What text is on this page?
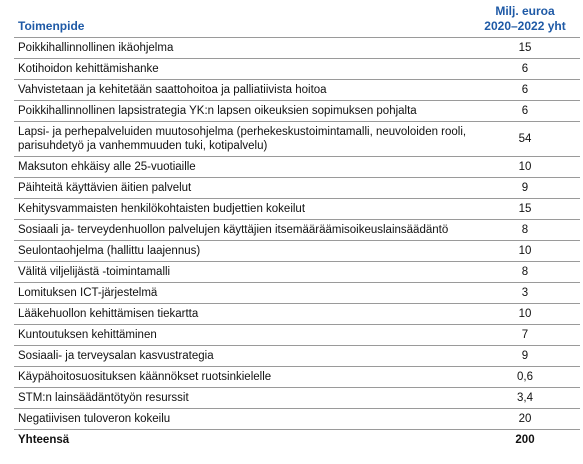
Toimenpide	Milj. euroa
2020–2022 yht

Poikkihallinnollinen ikäohjelma	15
Kotihoidon kehittämishanke	6
Vahvistetaan ja kehitetään saattohoitoa ja palliatiivista hoitoa	6
Poikkihallinnollinen lapsistrategia YK:n lapsen oikeuksien sopimuksen pohjalta	6
Lapsi- ja perhepalveluiden muutosohjelma (perhekeskustoimintamalli, neuvoloiden rooli, parisuhdetyö ja vanhemmuuden tuki, kotipalvelu)	54
Maksuton ehkäisy alle 25-vuotiaille	10
Päihteitä käyttävien äitien palvelut	9
Kehitysvammaisten henkilökohtaisten budjettien kokeilut	15
Sosiaali ja- terveydenhuollon palvelujen käyttäjien itsemääräämisoikeuslainsäädäntö	8
Seulontaohjelma (hallittu laajennus)	10
Välitä viljelijästä -toimintamalli	8
Lomituksen ICT-järjestelmä	3
Lääkehuollon kehittämisen tiekartta	10
Kuntoutuksen kehittäminen	7
Sosiaali- ja terveysalan kasvustrategia	9
Käypähoitosuosituksen käännökset ruotsinkielelle	0,6
STM:n lainsäädäntötyön resurssit	3,4
Negatiivisen tuloveron kokeilu	20
Yhteensä	200
